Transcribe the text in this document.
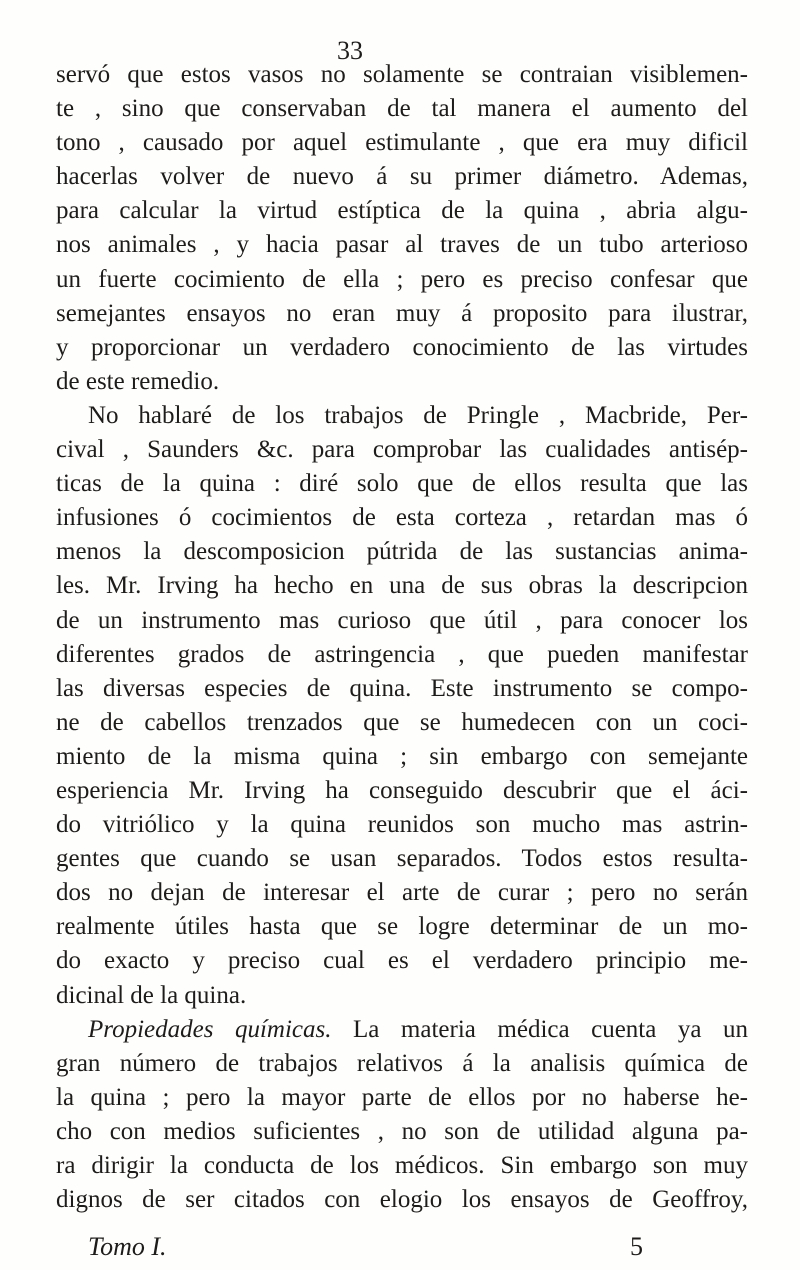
33
servó que estos vasos no solamente se contraian visiblemen-
te , sino que conservaban de tal manera el aumento del
tono , causado por aquel estimulante , que era muy dificil
hacerlas volver de nuevo á su primer diámetro. Ademas,
para calcular la virtud estíptica de la quina , abria algu-
nos animales , y hacia pasar al traves de un tubo arterioso
un fuerte cocimiento de ella ; pero es preciso confesar que
semejantes ensayos no eran muy á proposito para ilustrar,
y proporcionar un verdadero conocimiento de las virtudes
de este remedio.
No hablaré de los trabajos de Pringle , Macbride, Per-
cival , Saunders &c. para comprobar las cualidades antisép-
ticas de la quina : diré solo que de ellos resulta que las
infusiones ó cocimientos de esta corteza , retardan mas ó
menos la descomposicion pútrida de las sustancias anima-
les. Mr. Irving ha hecho en una de sus obras la descripcion
de un instrumento mas curioso que útil , para conocer los
diferentes grados de astringencia , que pueden manifestar
las diversas especies de quina. Este instrumento se compo-
ne de cabellos trenzados que se humedecen con un coci-
miento de la misma quina ; sin embargo con semejante
esperiencia Mr. Irving ha conseguido descubrir que el áci-
do vitriólico y la quina reunidos son mucho mas astrin-
gentes que cuando se usan separados. Todos estos resulta-
dos no dejan de interesar el arte de curar ; pero no serán
realmente útiles hasta que se logre determinar de un mo-
do exacto y preciso cual es el verdadero principio me-
dicinal de la quina.
Propiedades químicas. La materia médica cuenta ya un
gran número de trabajos relativos á la analisis química de
la quina ; pero la mayor parte de ellos por no haberse he-
cho con medios suficientes , no son de utilidad alguna pa-
ra dirigir la conducta de los médicos. Sin embargo son muy
dignos de ser citados con elogio los ensayos de Geoffroy,
Tomo I.	5
